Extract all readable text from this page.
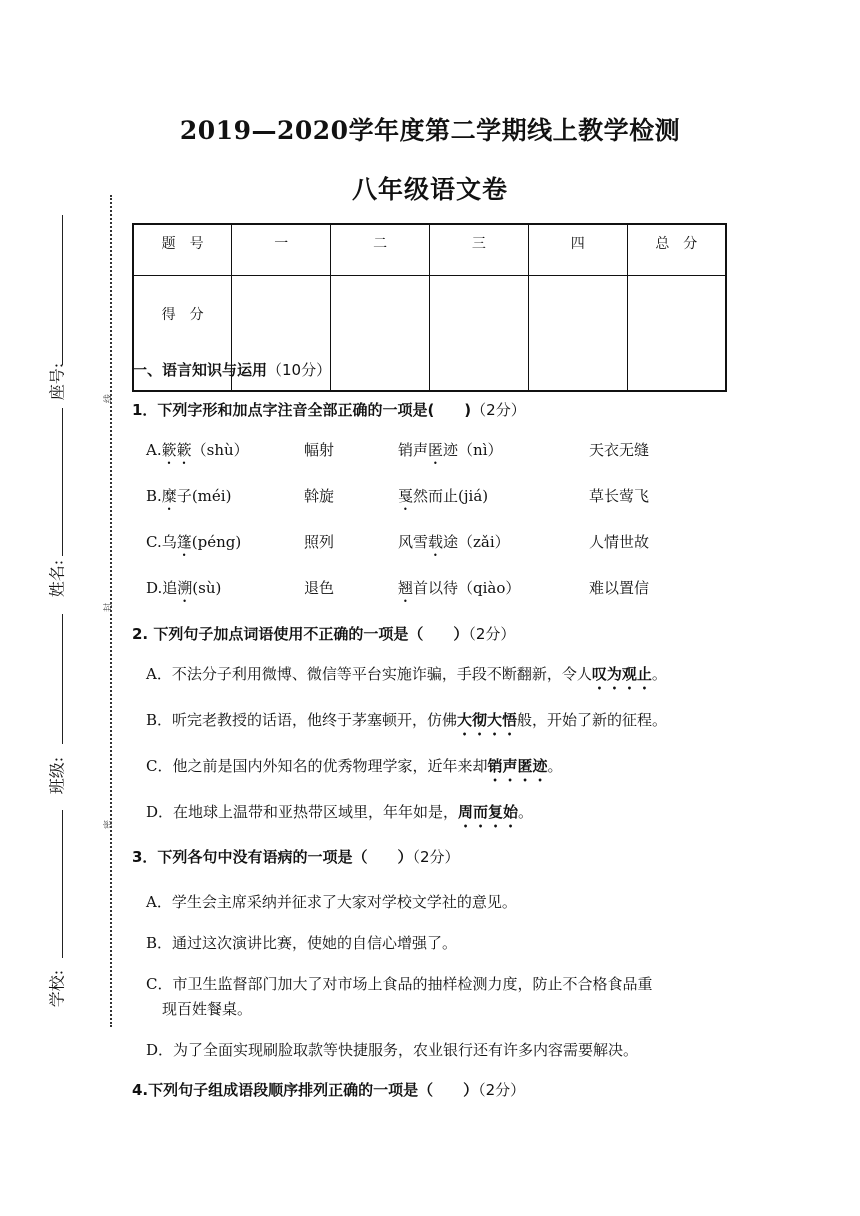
2019—2020学年度第二学期线上教学检测
八年级语文卷
线
封
密
座号:
姓名:
班级:
学校:
题　号	一	二	三	四	总　分
得　分					
一、语言知识与运用（10分）
1．下列字形和加点字注音全部正确的一项是(　　)（2分）
A.簌簌（shù）	幅射	销声匿迹（nì）	天衣无缝
B.糜子(méi)	斡旋	戛然而止(jiá)	草长莺飞
C.乌篷(péng)	照列	风雪载途（zǎi）	人情世故
D.追溯(sù)	退色	翘首以待（qiào）	难以置信
2. 下列句子加点词语使用不正确的一项是（　　）（2分）
A．不法分子利用微博、微信等平台实施诈骗，手段不断翻新，令人叹为观止。
B．听完老教授的话语，他终于茅塞顿开，仿佛大彻大悟般，开始了新的征程。
C．他之前是国内外知名的优秀物理学家，近年来却销声匿迹。
D．在地球上温带和亚热带区域里，年年如是，周而复始。
3．下列各句中没有语病的一项是（　　）（2分）
A．学生会主席采纳并征求了大家对学校文学社的意见。
B．通过这次演讲比赛，使她的自信心增强了。
C．市卫生监督部门加大了对市场上食品的抽样检测力度，防止不合格食品重
现百姓餐桌。
D．为了全面实现刷脸取款等快捷服务，农业银行还有许多内容需要解决。
4.下列句子组成语段顺序排列正确的一项是（　　）（2分）
